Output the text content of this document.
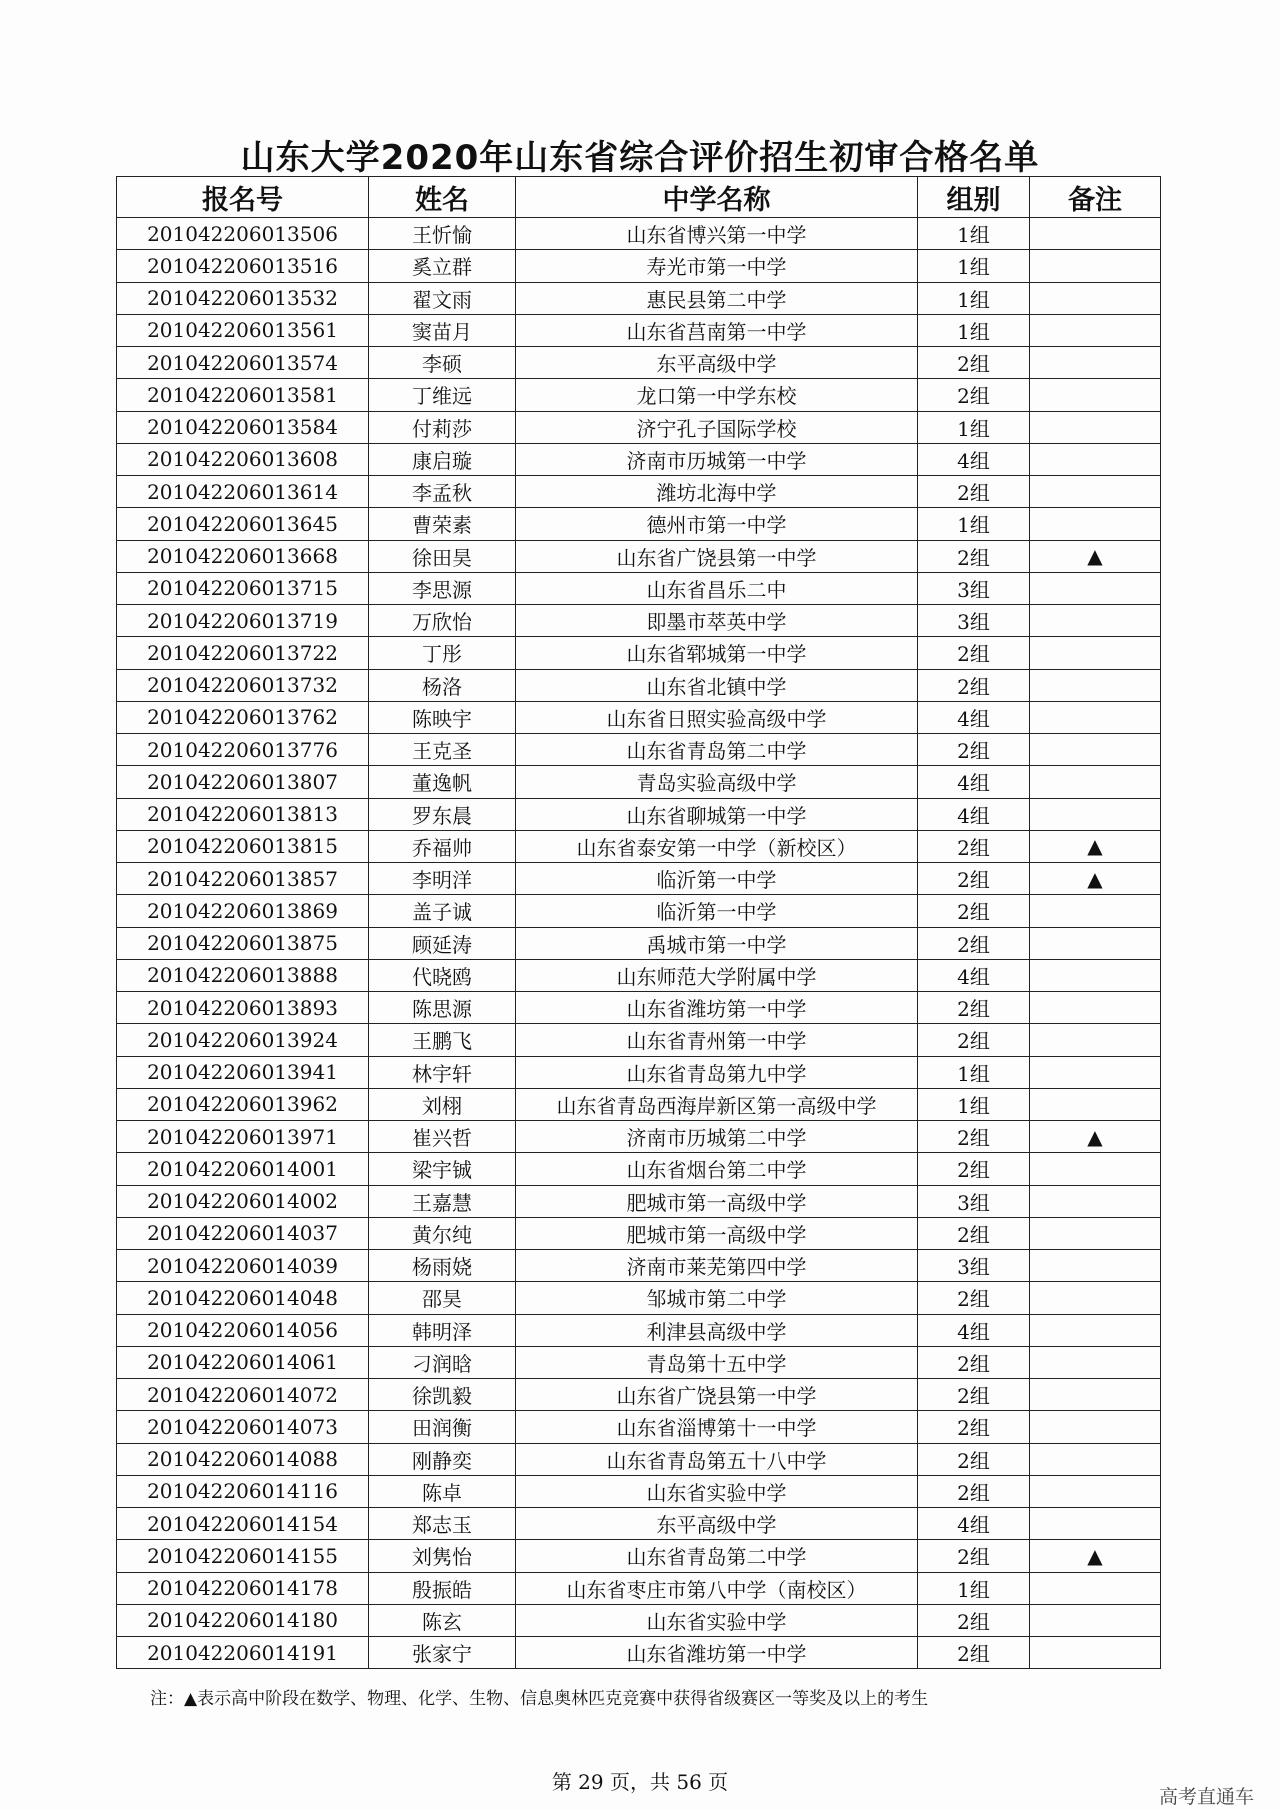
山东大学2020年山东省综合评价招生初审合格名单
报名号	姓名	中学名称	组别	备注
201042206013506	王忻愉	山东省博兴第一中学	1组	
201042206013516	奚立群	寿光市第一中学	1组	
201042206013532	翟文雨	惠民县第二中学	1组	
201042206013561	窦苗月	山东省莒南第一中学	1组	
201042206013574	李硕	东平高级中学	2组	
201042206013581	丁维远	龙口第一中学东校	2组	
201042206013584	付莉莎	济宁孔子国际学校	1组	
201042206013608	康启璇	济南市历城第一中学	4组	
201042206013614	李孟秋	潍坊北海中学	2组	
201042206013645	曹荣素	德州市第一中学	1组	
201042206013668	徐田昊	山东省广饶县第一中学	2组	▲
201042206013715	李思源	山东省昌乐二中	3组	
201042206013719	万欣怡	即墨市萃英中学	3组	
201042206013722	丁彤	山东省郓城第一中学	2组	
201042206013732	杨洛	山东省北镇中学	2组	
201042206013762	陈映宇	山东省日照实验高级中学	4组	
201042206013776	王克圣	山东省青岛第二中学	2组	
201042206013807	董逸帆	青岛实验高级中学	4组	
201042206013813	罗东晨	山东省聊城第一中学	4组	
201042206013815	乔福帅	山东省泰安第一中学（新校区）	2组	▲
201042206013857	李明洋	临沂第一中学	2组	▲
201042206013869	盖子诚	临沂第一中学	2组	
201042206013875	顾延涛	禹城市第一中学	2组	
201042206013888	代晓鸥	山东师范大学附属中学	4组	
201042206013893	陈思源	山东省潍坊第一中学	2组	
201042206013924	王鹏飞	山东省青州第一中学	2组	
201042206013941	林宇轩	山东省青岛第九中学	1组	
201042206013962	刘栩	山东省青岛西海岸新区第一高级中学	1组	
201042206013971	崔兴哲	济南市历城第二中学	2组	▲
201042206014001	梁宇铖	山东省烟台第二中学	2组	
201042206014002	王嘉慧	肥城市第一高级中学	3组	
201042206014037	黄尔纯	肥城市第一高级中学	2组	
201042206014039	杨雨娆	济南市莱芜第四中学	3组	
201042206014048	邵昊	邹城市第二中学	2组	
201042206014056	韩明泽	利津县高级中学	4组	
201042206014061	刁润晗	青岛第十五中学	2组	
201042206014072	徐凯毅	山东省广饶县第一中学	2组	
201042206014073	田润衡	山东省淄博第十一中学	2组	
201042206014088	刚静奕	山东省青岛第五十八中学	2组	
201042206014116	陈卓	山东省实验中学	2组	
201042206014154	郑志玉	东平高级中学	4组	
201042206014155	刘隽怡	山东省青岛第二中学	2组	▲
201042206014178	殷振皓	山东省枣庄市第八中学（南校区）	1组	
201042206014180	陈玄	山东省实验中学	2组	
201042206014191	张家宁	山东省潍坊第一中学	2组	

注：▲表示高中阶段在数学、物理、化学、生物、信息奥林匹克竞赛中获得省级赛区一等奖及以上的考生

第 29 页，共 56 页

高考直通车
